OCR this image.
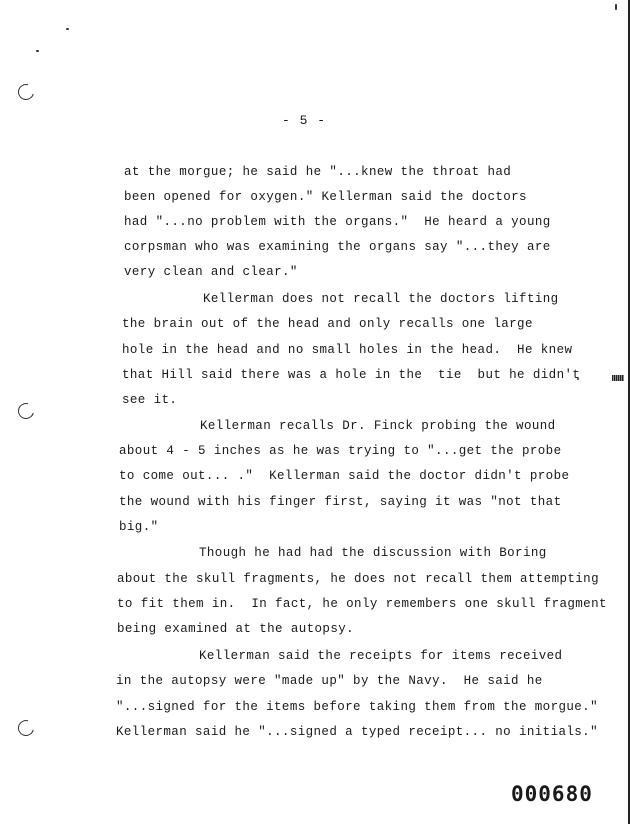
- 5 -
at the morgue; he said he "...knew the throat had
been opened for oxygen." Kellerman said the doctors
had "...no problem with the organs."  He heard a young
corpsman who was examining the organs say "...they are
very clean and clear."
Kellerman does not recall the doctors lifting
the brain out of the head and only recalls one large
hole in the head and no small holes in the head.  He knew
that Hill said there was a hole in the  tie  but he didn't
see it.
Kellerman recalls Dr. Finck probing the wound
about 4 - 5 inches as he was trying to "...get the probe
to come out... ."  Kellerman said the doctor didn't probe
the wound with his finger first, saying it was "not that
big."
Though he had had the discussion with Boring
about the skull fragments, he does not recall them attempting
to fit them in.  In fact, he only remembers one skull fragment
being examined at the autopsy.
Kellerman said the receipts for items received
in the autopsy were "made up" by the Navy.  He said he
"...signed for the items before taking them from the morgue."
Kellerman said he "...signed a typed receipt... no initials."
000680
